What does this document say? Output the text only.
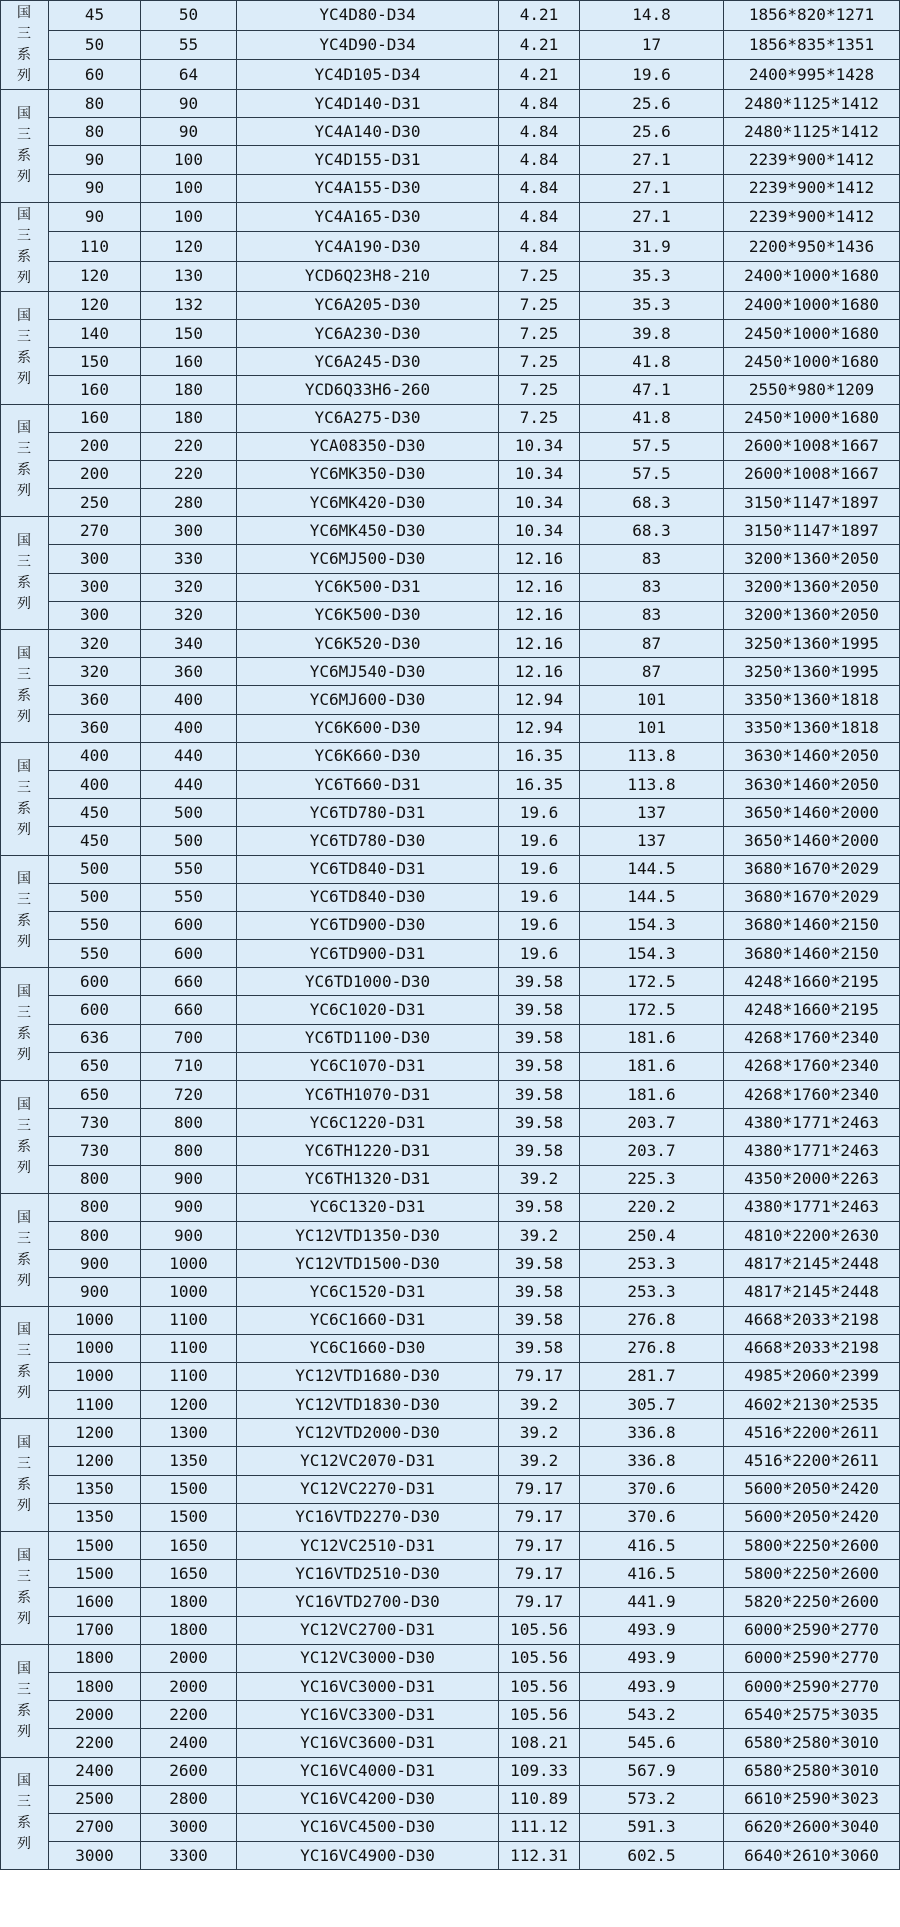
国
三
系
列	45	50	YC4D80-D34	4.21	14.8	1856*820*1271
	50	55	YC4D90-D34	4.21	17	1856*835*1351
	60	64	YC4D105-D34	4.21	19.6	2400*995*1428
国
三
系
列	80	90	YC4D140-D31	4.84	25.6	2480*1125*1412
	80	90	YC4A140-D30	4.84	25.6	2480*1125*1412
	90	100	YC4D155-D31	4.84	27.1	2239*900*1412
	90	100	YC4A155-D30	4.84	27.1	2239*900*1412
国
三
系
列	90	100	YC4A165-D30	4.84	27.1	2239*900*1412
	110	120	YC4A190-D30	4.84	31.9	2200*950*1436
	120	130	YCD6Q23H8-210	7.25	35.3	2400*1000*1680
国
三
系
列	120	132	YC6A205-D30	7.25	35.3	2400*1000*1680
	140	150	YC6A230-D30	7.25	39.8	2450*1000*1680
	150	160	YC6A245-D30	7.25	41.8	2450*1000*1680
	160	180	YCD6Q33H6-260	7.25	47.1	2550*980*1209
国
三
系
列	160	180	YC6A275-D30	7.25	41.8	2450*1000*1680
	200	220	YCA08350-D30	10.34	57.5	2600*1008*1667
	200	220	YC6MK350-D30	10.34	57.5	2600*1008*1667
	250	280	YC6MK420-D30	10.34	68.3	3150*1147*1897
国
三
系
列	270	300	YC6MK450-D30	10.34	68.3	3150*1147*1897
	300	330	YC6MJ500-D30	12.16	83	3200*1360*2050
	300	320	YC6K500-D31	12.16	83	3200*1360*2050
	300	320	YC6K500-D30	12.16	83	3200*1360*2050
国
三
系
列	320	340	YC6K520-D30	12.16	87	3250*1360*1995
	320	360	YC6MJ540-D30	12.16	87	3250*1360*1995
	360	400	YC6MJ600-D30	12.94	101	3350*1360*1818
	360	400	YC6K600-D30	12.94	101	3350*1360*1818
国
三
系
列	400	440	YC6K660-D30	16.35	113.8	3630*1460*2050
	400	440	YC6T660-D31	16.35	113.8	3630*1460*2050
	450	500	YC6TD780-D31	19.6	137	3650*1460*2000
	450	500	YC6TD780-D30	19.6	137	3650*1460*2000
国
三
系
列	500	550	YC6TD840-D31	19.6	144.5	3680*1670*2029
	500	550	YC6TD840-D30	19.6	144.5	3680*1670*2029
	550	600	YC6TD900-D30	19.6	154.3	3680*1460*2150
	550	600	YC6TD900-D31	19.6	154.3	3680*1460*2150
国
三
系
列	600	660	YC6TD1000-D30	39.58	172.5	4248*1660*2195
	600	660	YC6C1020-D31	39.58	172.5	4248*1660*2195
	636	700	YC6TD1100-D30	39.58	181.6	4268*1760*2340
	650	710	YC6C1070-D31	39.58	181.6	4268*1760*2340
国
三
系
列	650	720	YC6TH1070-D31	39.58	181.6	4268*1760*2340
	730	800	YC6C1220-D31	39.58	203.7	4380*1771*2463
	730	800	YC6TH1220-D31	39.58	203.7	4380*1771*2463
	800	900	YC6TH1320-D31	39.2	225.3	4350*2000*2263
国
三
系
列	800	900	YC6C1320-D31	39.58	220.2	4380*1771*2463
	800	900	YC12VTD1350-D30	39.2	250.4	4810*2200*2630
	900	1000	YC12VTD1500-D30	39.58	253.3	4817*2145*2448
	900	1000	YC6C1520-D31	39.58	253.3	4817*2145*2448
国
三
系
列	1000	1100	YC6C1660-D31	39.58	276.8	4668*2033*2198
	1000	1100	YC6C1660-D30	39.58	276.8	4668*2033*2198
	1000	1100	YC12VTD1680-D30	79.17	281.7	4985*2060*2399
	1100	1200	YC12VTD1830-D30	39.2	305.7	4602*2130*2535
国
三
系
列	1200	1300	YC12VTD2000-D30	39.2	336.8	4516*2200*2611
	1200	1350	YC12VC2070-D31	39.2	336.8	4516*2200*2611
	1350	1500	YC12VC2270-D31	79.17	370.6	5600*2050*2420
	1350	1500	YC16VTD2270-D30	79.17	370.6	5600*2050*2420
国
三
系
列	1500	1650	YC12VC2510-D31	79.17	416.5	5800*2250*2600
	1500	1650	YC16VTD2510-D30	79.17	416.5	5800*2250*2600
	1600	1800	YC16VTD2700-D30	79.17	441.9	5820*2250*2600
	1700	1800	YC12VC2700-D31	105.56	493.9	6000*2590*2770
国
三
系
列	1800	2000	YC12VC3000-D30	105.56	493.9	6000*2590*2770
	1800	2000	YC16VC3000-D31	105.56	493.9	6000*2590*2770
	2000	2200	YC16VC3300-D31	105.56	543.2	6540*2575*3035
	2200	2400	YC16VC3600-D31	108.21	545.6	6580*2580*3010
国
三
系
列	2400	2600	YC16VC4000-D31	109.33	567.9	6580*2580*3010
	2500	2800	YC16VC4200-D30	110.89	573.2	6610*2590*3023
	2700	3000	YC16VC4500-D30	111.12	591.3	6620*2600*3040
	3000	3300	YC16VC4900-D30	112.31	602.5	6640*2610*3060
